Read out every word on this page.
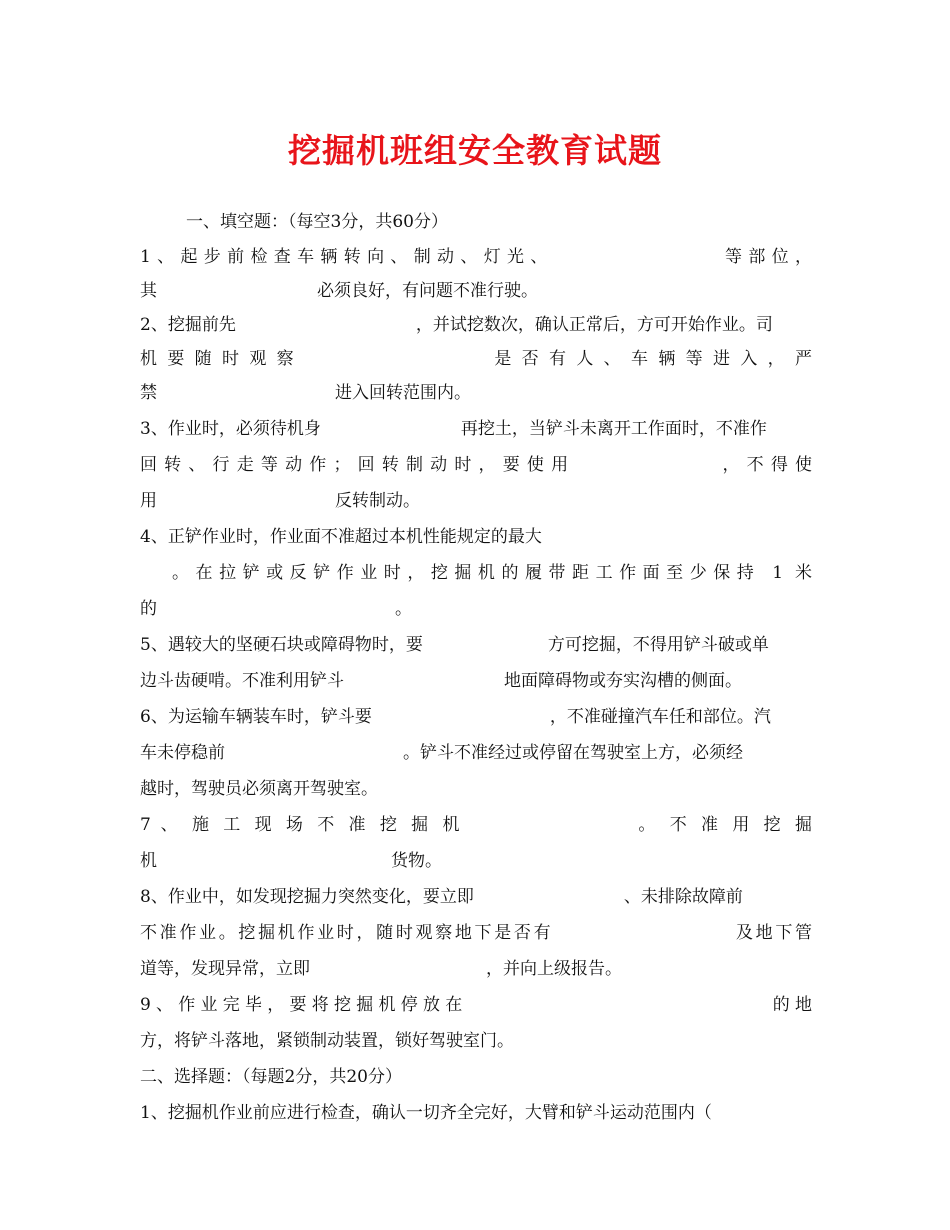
挖掘机班组安全教育试题
一、填空题：（每空3分，共60分）
1、起步前检查车辆转向、制动、灯光、	等部位，
其	必须良好，有问题不准行驶。
2、挖掘前先	，并试挖数次，确认正常后，方可开始作业。司
机要随时观察	是否有人、车辆等进入，严
禁	进入回转范围内。
3、作业时，必须待机身	再挖土，当铲斗未离开工作面时，不准作
回转、行走等动作；回转制动时，要使用	，不得使
用	反转制动。
4、正铲作业时，作业面不准超过本机性能规定的最大
。在拉铲或反铲作业时，挖掘机的履带距工作面至少保持 1 米
的	。
5、遇较大的坚硬石块或障碍物时，要	方可挖掘，不得用铲斗破或单
边斗齿硬啃。不准利用铲斗	地面障碍物或夯实沟槽的侧面。
6、为运输车辆装车时，铲斗要	，不准碰撞汽车任和部位。汽
车未停稳前	。铲斗不准经过或停留在驾驶室上方，必须经
越时，驾驶员必须离开驾驶室。
7 、 施 工 现 场 不 准 挖 掘 机	。 不 准 用 挖 掘
机	货物。
8、作业中，如发现挖掘力突然变化，要立即	、未排除故障前
不准作业。挖掘机作业时，随时观察地下是否有	及地下管
道等，发现异常，立即	，并向上级报告。
9、作业完毕，要将挖掘机停放在	的地
方，将铲斗落地，紧锁制动装置，锁好驾驶室门。
二、选择题：（每题2分，共20分）
1、挖掘机作业前应进行检查，确认一切齐全完好，大臂和铲斗运动范围内（
